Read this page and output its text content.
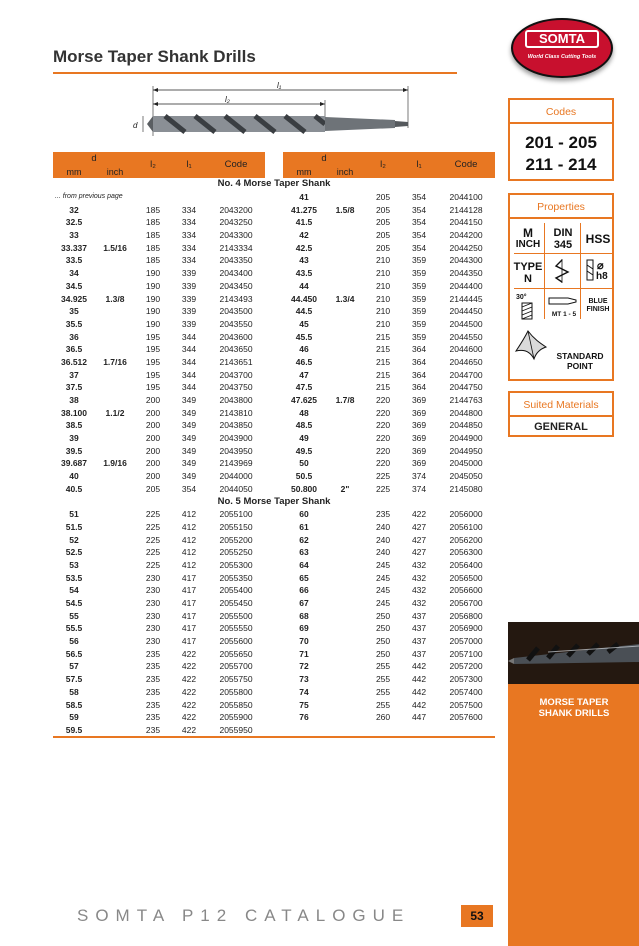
Morse Taper Shank Drills
SOMTA
World Class Cutting Tools
l₁
l₂
d
d		l₂	l₁	Code		d		l₂	l₁	Code
mm	inch					mm	inch			
No. 4 Morse Taper Shank										
... from previous page						41		205	354	2044100
32		185	334	2043200		41.275	1.5/8	205	354	2144128
32.5		185	334	2043250		41.5		205	354	2044150
33		185	334	2043300		42		205	354	2044200
33.337	1.5/16	185	334	2143334		42.5		205	354	2044250
33.5		185	334	2043350		43		210	359	2044300
34		190	339	2043400		43.5		210	359	2044350
34.5		190	339	2043450		44		210	359	2044400
34.925	1.3/8	190	339	2143493		44.450	1.3/4	210	359	2144445
35		190	339	2043500		44.5		210	359	2044450
35.5		190	339	2043550		45		210	359	2044500
36		195	344	2043600		45.5		215	359	2044550
36.5		195	344	2043650		46		215	364	2044600
36.512	1.7/16	195	344	2143651		46.5		215	364	2044650
37		195	344	2043700		47		215	364	2044700
37.5		195	344	2043750		47.5		215	364	2044750
38		200	349	2043800		47.625	1.7/8	220	369	2144763
38.100	1.1/2	200	349	2143810		48		220	369	2044800
38.5		200	349	2043850		48.5		220	369	2044850
39		200	349	2043900		49		220	369	2044900
39.5		200	349	2043950		49.5		220	369	2044950
39.687	1.9/16	200	349	2143969		50		220	369	2045000
40		200	349	2044000		50.5		225	374	2045050
40.5		205	354	2044050		50.800	2"	225	374	2145080
No. 5 Morse Taper Shank										
51		225	412	2055100		60		235	422	2056000
51.5		225	412	2055150		61		240	427	2056100
52		225	412	2055200		62		240	427	2056200
52.5		225	412	2055250		63		240	427	2056300
53		225	412	2055300		64		245	432	2056400
53.5		230	417	2055350		65		245	432	2056500
54		230	417	2055400		66		245	432	2056600
54.5		230	417	2055450		67		245	432	2056700
55		230	417	2055500		68		250	437	2056800
55.5		230	417	2055550		69		250	437	2056900
56		230	417	2055600		70		250	437	2057000
56.5		235	422	2055650		71		250	437	2057100
57		235	422	2055700		72		255	442	2057200
57.5		235	422	2055750		73		255	442	2057300
58		235	422	2055800		74		255	442	2057400
58.5		235	422	2055850		75		255	442	2057500
59		235	422	2055900		76		260	447	2057600
59.5		235	422	2055950						
Codes
201 - 205
211 - 214
Properties
M
INCH
DIN
345	HSS
TYPE
N
⌀
h8
30°
MT 1 - 5
BLUE
FINISH
STANDARD
POINT
Suited Materials
GENERAL
MORSE TAPER
SHANK DRILLS
SOMTA P12 CATALOGUE	53
